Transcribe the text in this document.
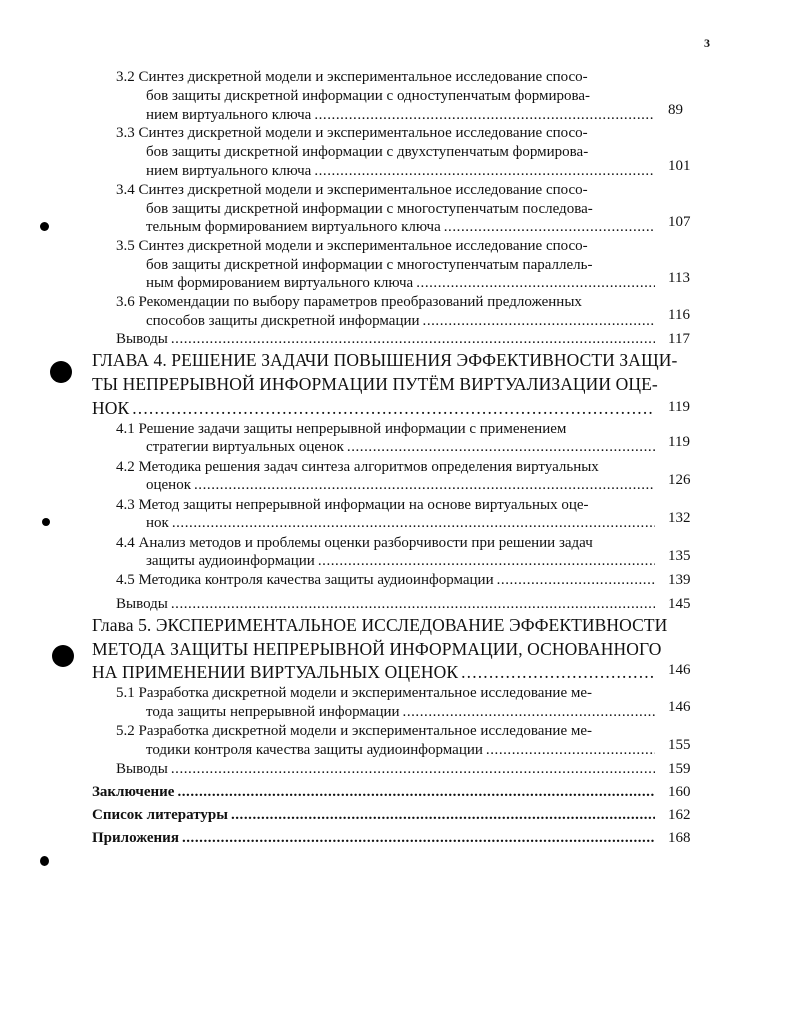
3
3.2 Синтез дискретной модели и экспериментальное исследование спосо-
бов защиты дискретной информации с одноступенчатым формирова-
нием виртуального ключа . . .	89
3.3 Синтез дискретной модели и экспериментальное исследование спосо-
бов защиты дискретной информации с двухступенчатым формирова-
нием виртуального ключа . . .	101
3.4 Синтез дискретной модели и экспериментальное исследование спосо-
бов защиты дискретной информации с многоступенчатым последова-
тельным формированием виртуального ключа . . .	107
3.5 Синтез дискретной модели и экспериментальное исследование спосо-
бов защиты дискретной информации с многоступенчатым параллель-
ным формированием виртуального ключа . . .	113
3.6 Рекомендации по выбору параметров преобразований предложенных
способов защиты дискретной информации . . .	116
Выводы . . .	117
ГЛАВА 4. РЕШЕНИЕ ЗАДАЧИ ПОВЫШЕНИЯ ЭФФЕКТИВНОСТИ ЗАЩИ-
ТЫ НЕПРЕРЫВНОЙ ИНФОРМАЦИИ ПУТЁМ ВИРТУАЛИЗАЦИИ ОЦЕ-
НОК . . .	119
4.1 Решение задачи защиты непрерывной информации с применением
стратегии виртуальных оценок . . .	119
4.2 Методика решения задач синтеза алгоритмов определения виртуальных
оценок . . .	126
4.3 Метод защиты непрерывной информации на основе виртуальных оце-
нок . . .	132
4.4 Анализ методов и проблемы оценки разборчивости при решении задач
защиты аудиоинформации . . .	135
4.5 Методика контроля качества защиты аудиоинформации . . .	139
Выводы . . .	145
Глава 5. ЭКСПЕРИМЕНТАЛЬНОЕ ИССЛЕДОВАНИЕ ЭФФЕКТИВНОСТИ
МЕТОДА ЗАЩИТЫ НЕПРЕРЫВНОЙ ИНФОРМАЦИИ, ОСНОВАННОГО
НА ПРИМЕНЕНИИ ВИРТУАЛЬНЫХ ОЦЕНОК . . .	146
5.1 Разработка дискретной модели и экспериментальное исследование ме-
тода защиты непрерывной информации . . .	146
5.2 Разработка дискретной модели и экспериментальное исследование ме-
тодики контроля качества защиты аудиоинформации . . .	155
Выводы . . .	159
Заключение . . .	160
Список литературы . . .	162
Приложения . . .	168
